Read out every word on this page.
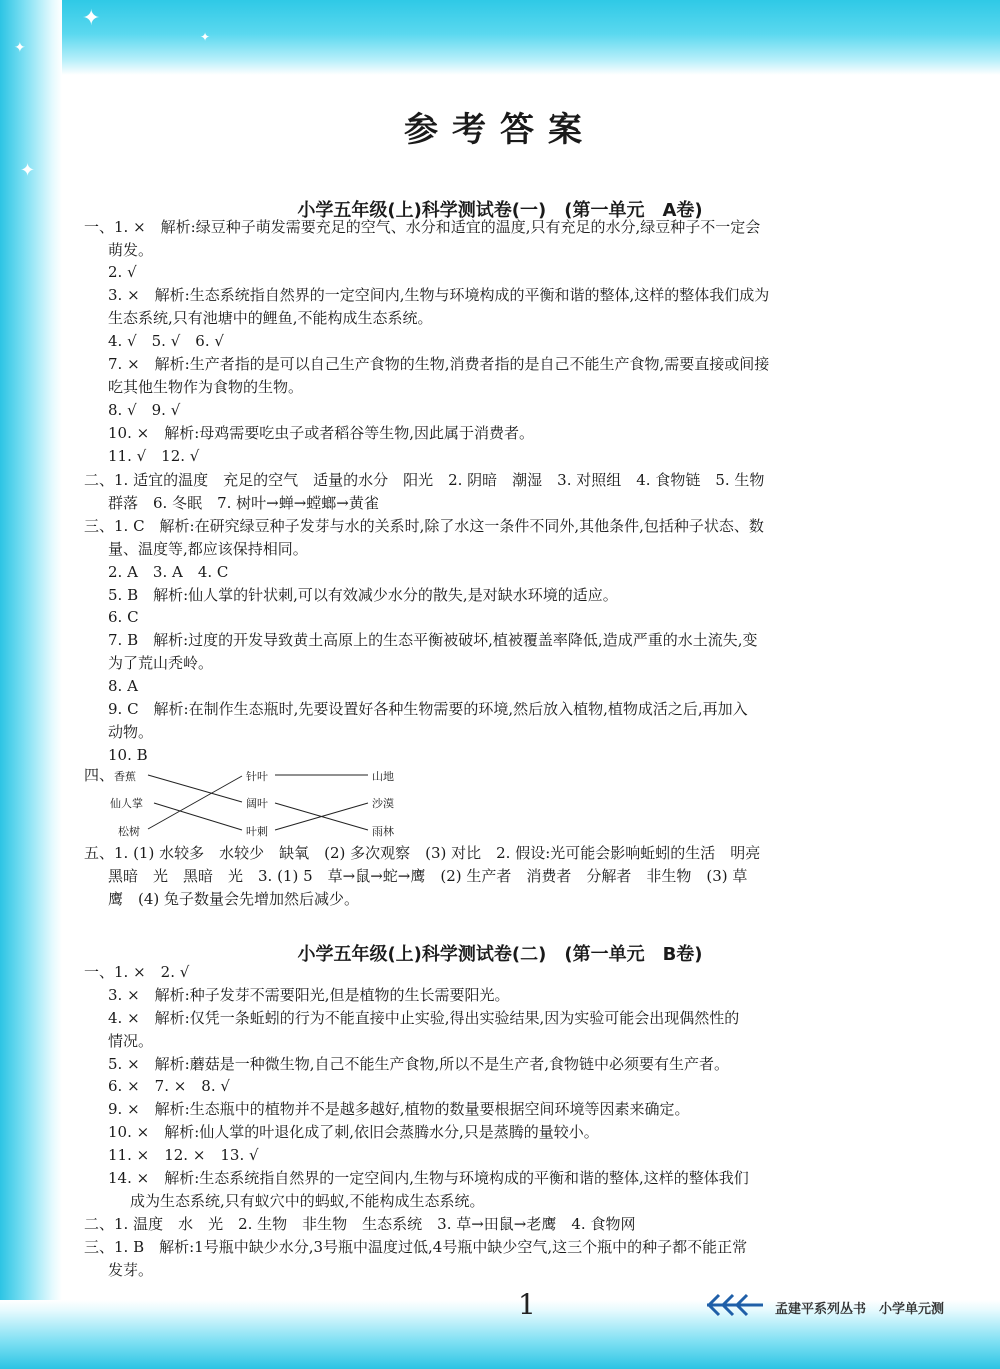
✦
✦
✦
✦
参考答案
小学五年级(上)科学测试卷(一)　(第一单元　A卷)
一、1. ×　解析:绿豆种子萌发需要充足的空气、水分和适宜的温度,只有充足的水分,绿豆种子不一定会
萌发。
2. √
3. ×　解析:生态系统指自然界的一定空间内,生物与环境构成的平衡和谐的整体,这样的整体我们成为
生态系统,只有池塘中的鲤鱼,不能构成生态系统。
4. √　5. √　6. √
7. ×　解析:生产者指的是可以自己生产食物的生物,消费者指的是自己不能生产食物,需要直接或间接
吃其他生物作为食物的生物。
8. √　9. √
10. ×　解析:母鸡需要吃虫子或者稻谷等生物,因此属于消费者。
11. √　12. √
二、1. 适宜的温度　充足的空气　适量的水分　阳光　2. 阴暗　潮湿　3. 对照组　4. 食物链　5. 生物
群落　6. 冬眠　7. 树叶→蝉→螳螂→黄雀
三、1. C　解析:在研究绿豆种子发芽与水的关系时,除了水这一条件不同外,其他条件,包括种子状态、数
量、温度等,都应该保持相同。
2. A　3. A　4. C
5. B　解析:仙人掌的针状刺,可以有效减少水分的散失,是对缺水环境的适应。
6. C
7. B　解析:过度的开发导致黄土高原上的生态平衡被破坏,植被覆盖率降低,造成严重的水土流失,变
为了荒山秃岭。
8. A
9. C　解析:在制作生态瓶时,先要设置好各种生物需要的环境,然后放入植物,植物成活之后,再加入
动物。
10. B
四、 香蕉
仙人掌
松树
针叶
阔叶
叶刺
山地
沙漠
雨林
五、1. (1) 水较多　水较少　缺氧　(2) 多次观察　(3) 对比　2. 假设:光可能会影响蚯蚓的生活　明亮
黑暗　光　黑暗　光　3. (1) 5　草→鼠→蛇→鹰　(2) 生产者　消费者　分解者　非生物　(3) 草
鹰　(4) 兔子数量会先增加然后减少。
小学五年级(上)科学测试卷(二)　(第一单元　B卷)
一、1. ×　2. √
3. ×　解析:种子发芽不需要阳光,但是植物的生长需要阳光。
4. ×　解析:仅凭一条蚯蚓的行为不能直接中止实验,得出实验结果,因为实验可能会出现偶然性的
情况。
5. ×　解析:蘑菇是一种微生物,自己不能生产食物,所以不是生产者,食物链中必须要有生产者。
6. ×　7. ×　8. √
9. ×　解析:生态瓶中的植物并不是越多越好,植物的数量要根据空间环境等因素来确定。
10. ×　解析:仙人掌的叶退化成了刺,依旧会蒸腾水分,只是蒸腾的量较小。
11. ×　12. ×　13. √
14. ×　解析:生态系统指自然界的一定空间内,生物与环境构成的平衡和谐的整体,这样的整体我们
成为生态系统,只有蚁穴中的蚂蚁,不能构成生态系统。
二、1. 温度　水　光　2. 生物　非生物　生态系统　3. 草→田鼠→老鹰　4. 食物网
三、1. B　解析:1号瓶中缺少水分,3号瓶中温度过低,4号瓶中缺少空气,这三个瓶中的种子都不能正常
发芽。
1	孟建平系列丛书　小学单元测
